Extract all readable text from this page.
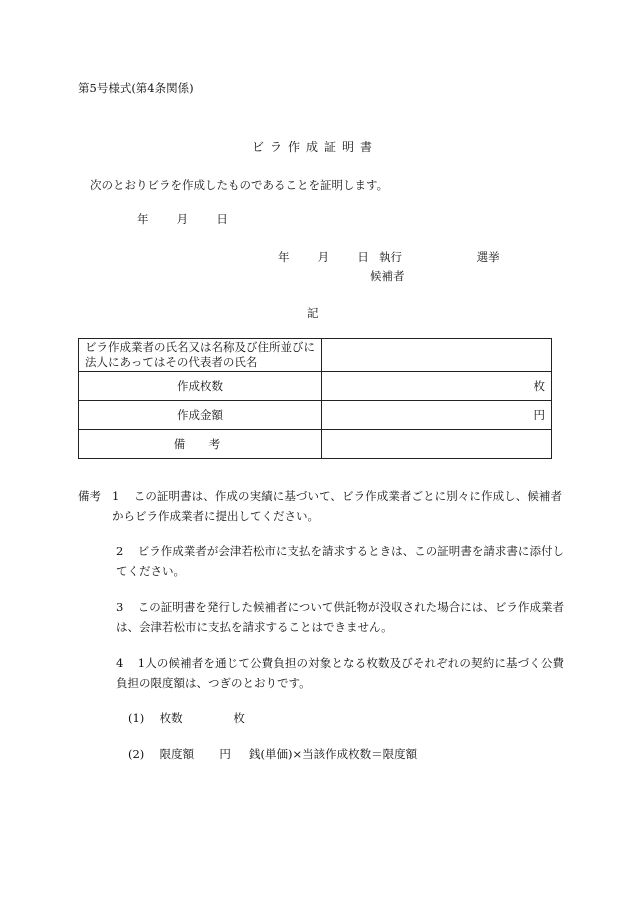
第5号様式(第4条関係)
ビラ作成証明書
次のとおりビラを作成したものであることを証明します。
年 月 日
年 月 日 執行	選挙
候補者
記
ビラ作成業者の氏名又は名称及び住所並びに法人にあってはその代表者の氏名	
作成枚数	枚
作成金額	円
備　考	
備考 1 この証明書は、作成の実績に基づいて、ビラ作成業者ごとに別々に作成し、候補者からビラ作成業者に提出してください。
2 ビラ作成業者が会津若松市に支払を請求するときは、この証明書を請求書に添付してください。
3 この証明書を発行した候補者について供託物が没収された場合には、ビラ作成業者は、会津若松市に支払を請求することはできません。
4 1人の候補者を通じて公費負担の対象となる枚数及びそれぞれの契約に基づく公費負担の限度額は、つぎのとおりです。
(1) 枚数	枚
(2) 限度額 円 銭(単価)×当該作成枚数＝限度額
